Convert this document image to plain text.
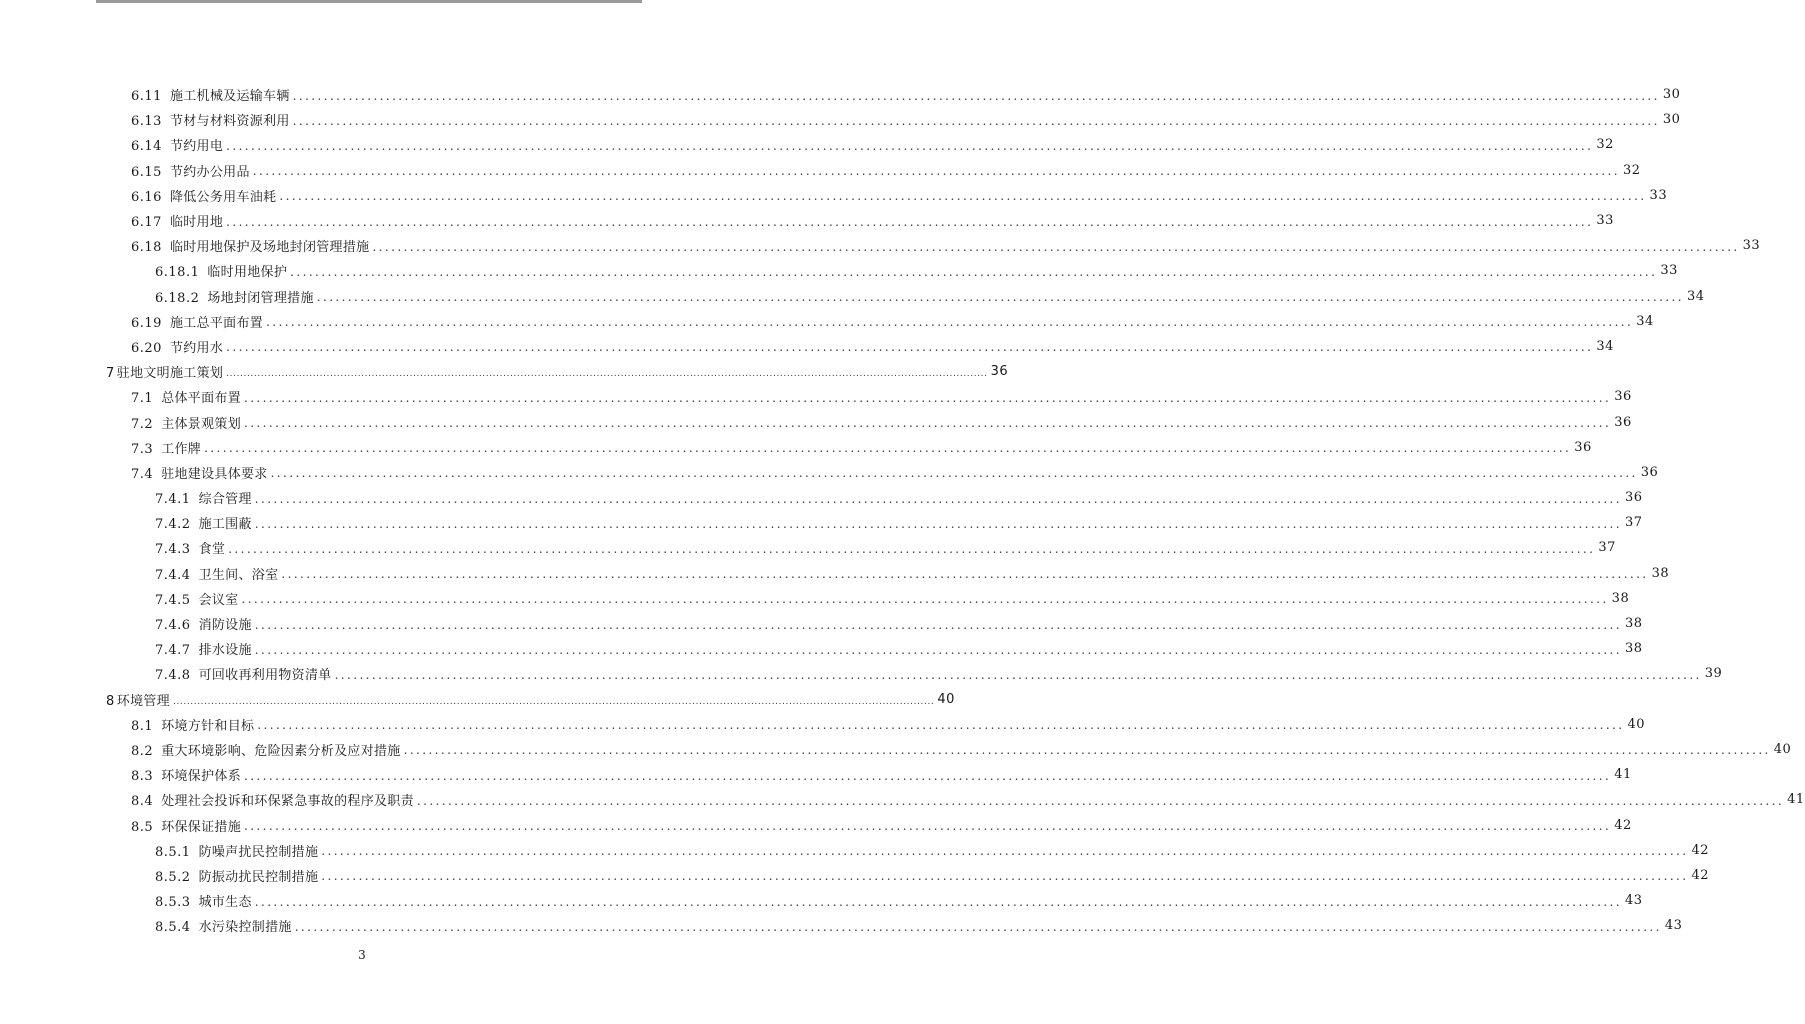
6.11 施工机械及运输车辆 ............................................................................................................................................................................................................................ 30
6.13 节材与材料资源利用 ............................................................................................................................................................................................................................ 30
6.14 节约用电 ............................................................................................................................................................................................................................ 32
6.15 节约办公用品 ............................................................................................................................................................................................................................ 32
6.16 降低公务用车油耗 ............................................................................................................................................................................................................................ 33
6.17 临时用地 ............................................................................................................................................................................................................................ 33
6.18 临时用地保护及场地封闭管理措施 ............................................................................................................................................................................................................................ 33
6.18.1 临时用地保护 ............................................................................................................................................................................................................................ 33
6.18.2 场地封闭管理措施 ............................................................................................................................................................................................................................ 34
6.19 施工总平面布置 ............................................................................................................................................................................................................................ 34
6.20 节约用水 ............................................................................................................................................................................................................................ 34
7 驻地文明施工策划 ............................................................................................................................................................................................................................ 36
7.1 总体平面布置 ............................................................................................................................................................................................................................ 36
7.2 主体景观策划 ............................................................................................................................................................................................................................ 36
7.3 工作牌 ............................................................................................................................................................................................................................ 36
7.4 驻地建设具体要求 ............................................................................................................................................................................................................................ 36
7.4.1 综合管理 ............................................................................................................................................................................................................................ 36
7.4.2 施工围蔽 ............................................................................................................................................................................................................................ 37
7.4.3 食堂 ............................................................................................................................................................................................................................ 37
7.4.4 卫生间、浴室 ............................................................................................................................................................................................................................ 38
7.4.5 会议室 ............................................................................................................................................................................................................................ 38
7.4.6 消防设施 ............................................................................................................................................................................................................................ 38
7.4.7 排水设施 ............................................................................................................................................................................................................................ 38
7.4.8 可回收再利用物资清单 ............................................................................................................................................................................................................................ 39
8 环境管理 ............................................................................................................................................................................................................................ 40
8.1 环境方针和目标 ............................................................................................................................................................................................................................ 40
8.2 重大环境影响、危险因素分析及应对措施 ............................................................................................................................................................................................................................ 40
8.3 环境保护体系 ............................................................................................................................................................................................................................ 41
8.4 处理社会投诉和环保紧急事故的程序及职责 ............................................................................................................................................................................................................................ 41
8.5 环保保证措施 ............................................................................................................................................................................................................................ 42
8.5.1 防噪声扰民控制措施 ............................................................................................................................................................................................................................ 42
8.5.2 防振动扰民控制措施 ............................................................................................................................................................................................................................ 42
8.5.3 城市生态 ............................................................................................................................................................................................................................ 43
8.5.4 水污染控制措施 ............................................................................................................................................................................................................................ 43
3
